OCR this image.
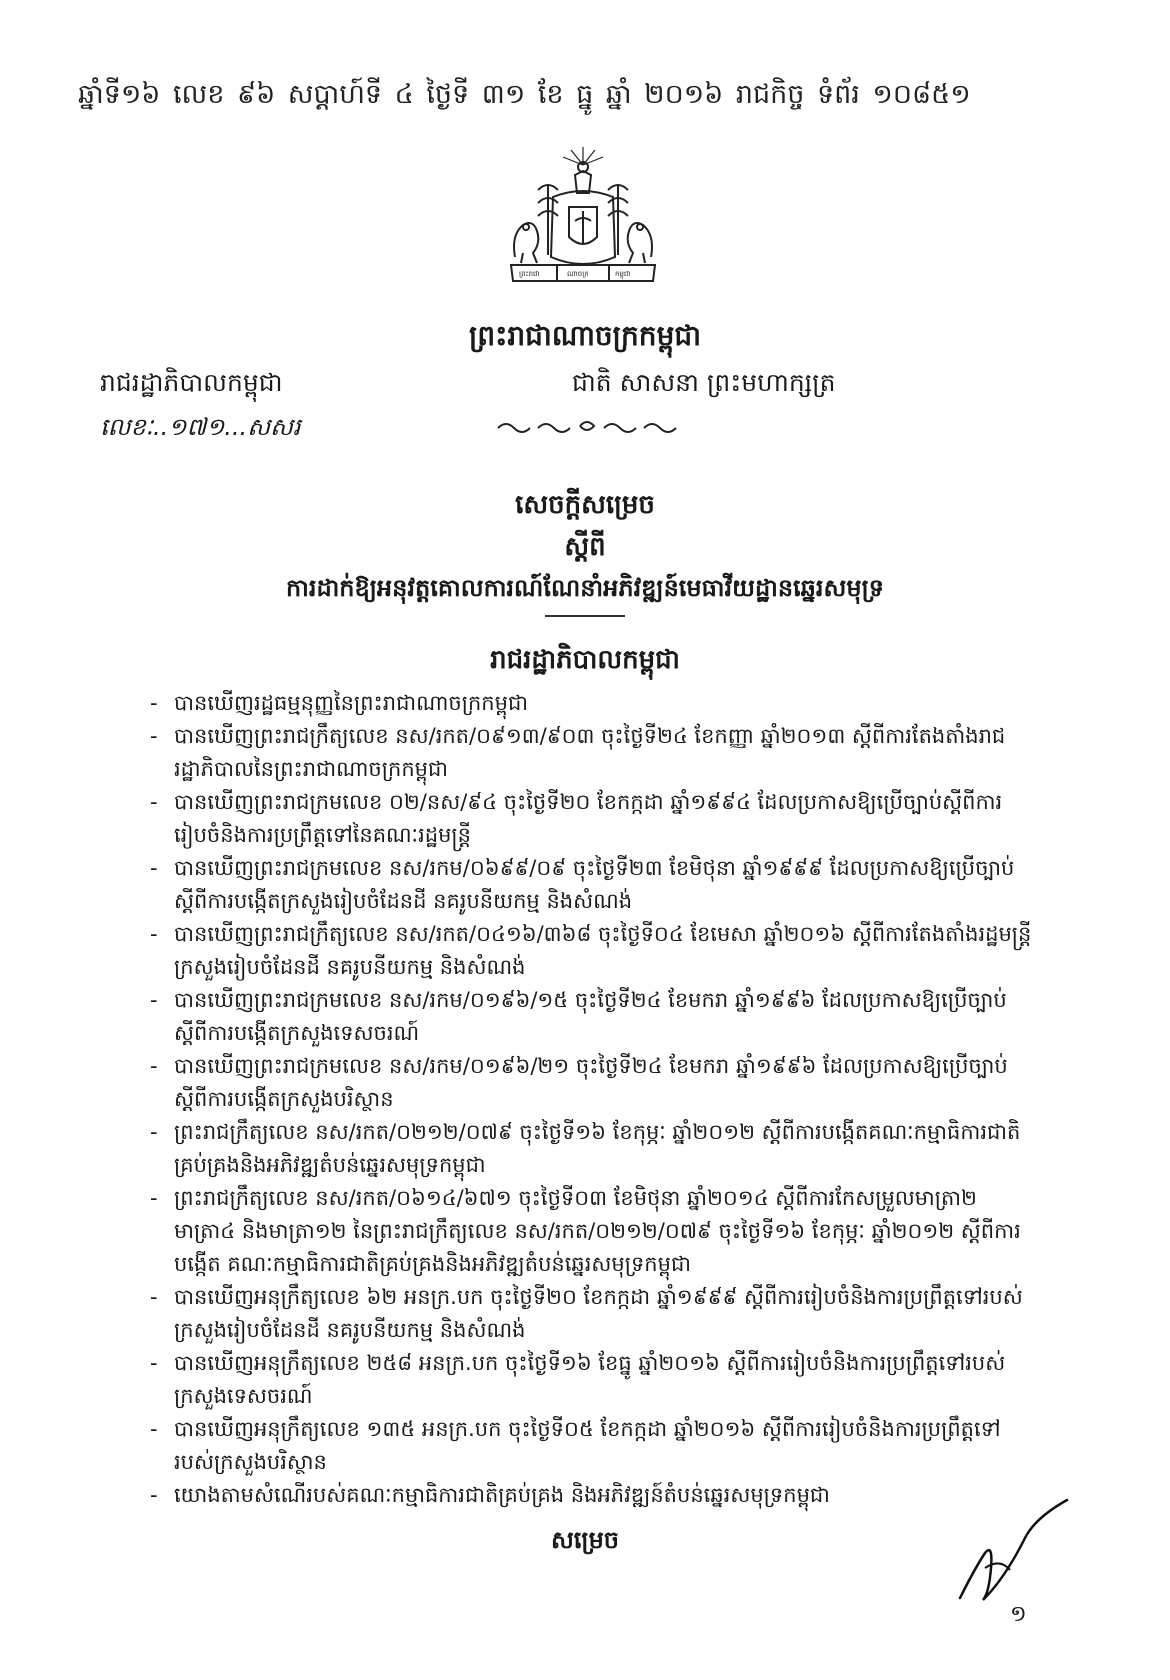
ឆ្នាំទី១៦ លេខ ៩៦ សប្ដាហ៍ទី ៤ ថ្ងៃទី ៣១ ខែ ធ្នូ ឆ្នាំ ២០១៦ រាជកិច្ច ទំព័រ ១០៨៥១
ព្រះរាជា	ណាចក្រ	កម្ពុជា
ព្រះរាជាណាចក្រកម្ពុជា
រាជរដ្ឋាភិបាលកម្ពុជា	ជាតិ សាសនា ព្រះមហាក្សត្រ
លេខៈ..១៧១...សសរ
សេចក្តីសម្រេច
ស្តីពី
ការដាក់ឱ្យអនុវត្តគោលការណ៍ណែនាំអភិវឌ្ឍន៍មេធាវីយដ្ឋានឆ្នេរសមុទ្រ
រាជរដ្ឋាភិបាលកម្ពុជា
- បានឃើញរដ្ឋធម្មនុញ្ញនៃព្រះរាជាណាចក្រកម្ពុជា
- បានឃើញព្រះរាជក្រឹត្យលេខ នស/រកត/០៩១៣/៩០៣ ចុះថ្ងៃទី២៤ ខែកញ្ញា ឆ្នាំ២០១៣ ស្តីពីការតែងតាំងរាជរដ្ឋាភិបាលនៃព្រះរាជាណាចក្រកម្ពុជា
- បានឃើញព្រះរាជក្រមលេខ ០២/នស/៩៤ ចុះថ្ងៃទី២០ ខែកក្កដា ឆ្នាំ១៩៩៤ ដែលប្រកាសឱ្យប្រើច្បាប់ស្តីពីការរៀបចំនិងការប្រព្រឹត្តទៅនៃគណៈរដ្ឋមន្ត្រី
- បានឃើញព្រះរាជក្រមលេខ នស/រកម/០៦៩៩/០៩ ចុះថ្ងៃទី២៣ ខែមិថុនា ឆ្នាំ១៩៩៩ ដែលប្រកាសឱ្យប្រើច្បាប់ស្តីពីការបង្កើតក្រសួងរៀបចំដែនដី នគរូបនីយកម្ម និងសំណង់
- បានឃើញព្រះរាជក្រឹត្យលេខ នស/រកត/០៤១៦/៣៦៨ ចុះថ្ងៃទី០៤ ខែមេសា ឆ្នាំ២០១៦ ស្តីពីការតែងតាំងរដ្ឋមន្ត្រីក្រសួងរៀបចំដែនដី នគរូបនីយកម្ម និងសំណង់
- បានឃើញព្រះរាជក្រមលេខ នស/រកម/០១៩៦/១៥ ចុះថ្ងៃទី២៤ ខែមករា ឆ្នាំ១៩៩៦ ដែលប្រកាសឱ្យប្រើច្បាប់ស្តីពីការបង្កើតក្រសួងទេសចរណ៍
- បានឃើញព្រះរាជក្រមលេខ នស/រកម/០១៩៦/២១ ចុះថ្ងៃទី២៤ ខែមករា ឆ្នាំ១៩៩៦ ដែលប្រកាសឱ្យប្រើច្បាប់ស្តីពីការបង្កើតក្រសួងបរិស្ថាន
- ព្រះរាជក្រឹត្យលេខ នស/រកត/០២១២/០៧៩ ចុះថ្ងៃទី១៦ ខែកុម្ភៈ ឆ្នាំ២០១២ ស្តីពីការបង្កើតគណៈកម្មាធិការជាតិគ្រប់គ្រងនិងអភិវឌ្ឍតំបន់ឆ្នេរសមុទ្រកម្ពុជា
- ព្រះរាជក្រឹត្យលេខ នស/រកត/០៦១៤/៦៧១ ចុះថ្ងៃទី០៣ ខែមិថុនា ឆ្នាំ២០១៤ ស្តីពីការកែសម្រួលមាត្រា២ មាត្រា៤ និងមាត្រា១២ នៃព្រះរាជក្រឹត្យលេខ នស/រកត/០២១២/០៧៩ ចុះថ្ងៃទី១៦ ខែកុម្ភៈ ឆ្នាំ២០១២ ស្តីពីការបង្កើត គណៈកម្មាធិការជាតិគ្រប់គ្រងនិងអភិវឌ្ឍតំបន់ឆ្នេរសមុទ្រកម្ពុជា
- បានឃើញអនុក្រឹត្យលេខ ៦២ អនក្រ.បក ចុះថ្ងៃទី២០ ខែកក្កដា ឆ្នាំ១៩៩៩ ស្តីពីការរៀបចំនិងការប្រព្រឹត្តទៅរបស់ក្រសួងរៀបចំដែនដី នគរូបនីយកម្ម និងសំណង់
- បានឃើញអនុក្រឹត្យលេខ ២៥៨ អនក្រ.បក ចុះថ្ងៃទី១៦ ខែធ្នូ ឆ្នាំ២០១៦ ស្តីពីការរៀបចំនិងការប្រព្រឹត្តទៅរបស់ក្រសួងទេសចរណ៍
- បានឃើញអនុក្រឹត្យលេខ ១៣៥ អនក្រ.បក ចុះថ្ងៃទី០៥ ខែកក្កដា ឆ្នាំ២០១៦ ស្តីពីការរៀបចំនិងការប្រព្រឹត្តទៅរបស់ក្រសួងបរិស្ថាន
- យោងតាមសំណើរបស់គណៈកម្មាធិការជាតិគ្រប់គ្រង និងអភិវឌ្ឍន៍តំបន់ឆ្នេរសមុទ្រកម្ពុជា
សម្រេច
១
